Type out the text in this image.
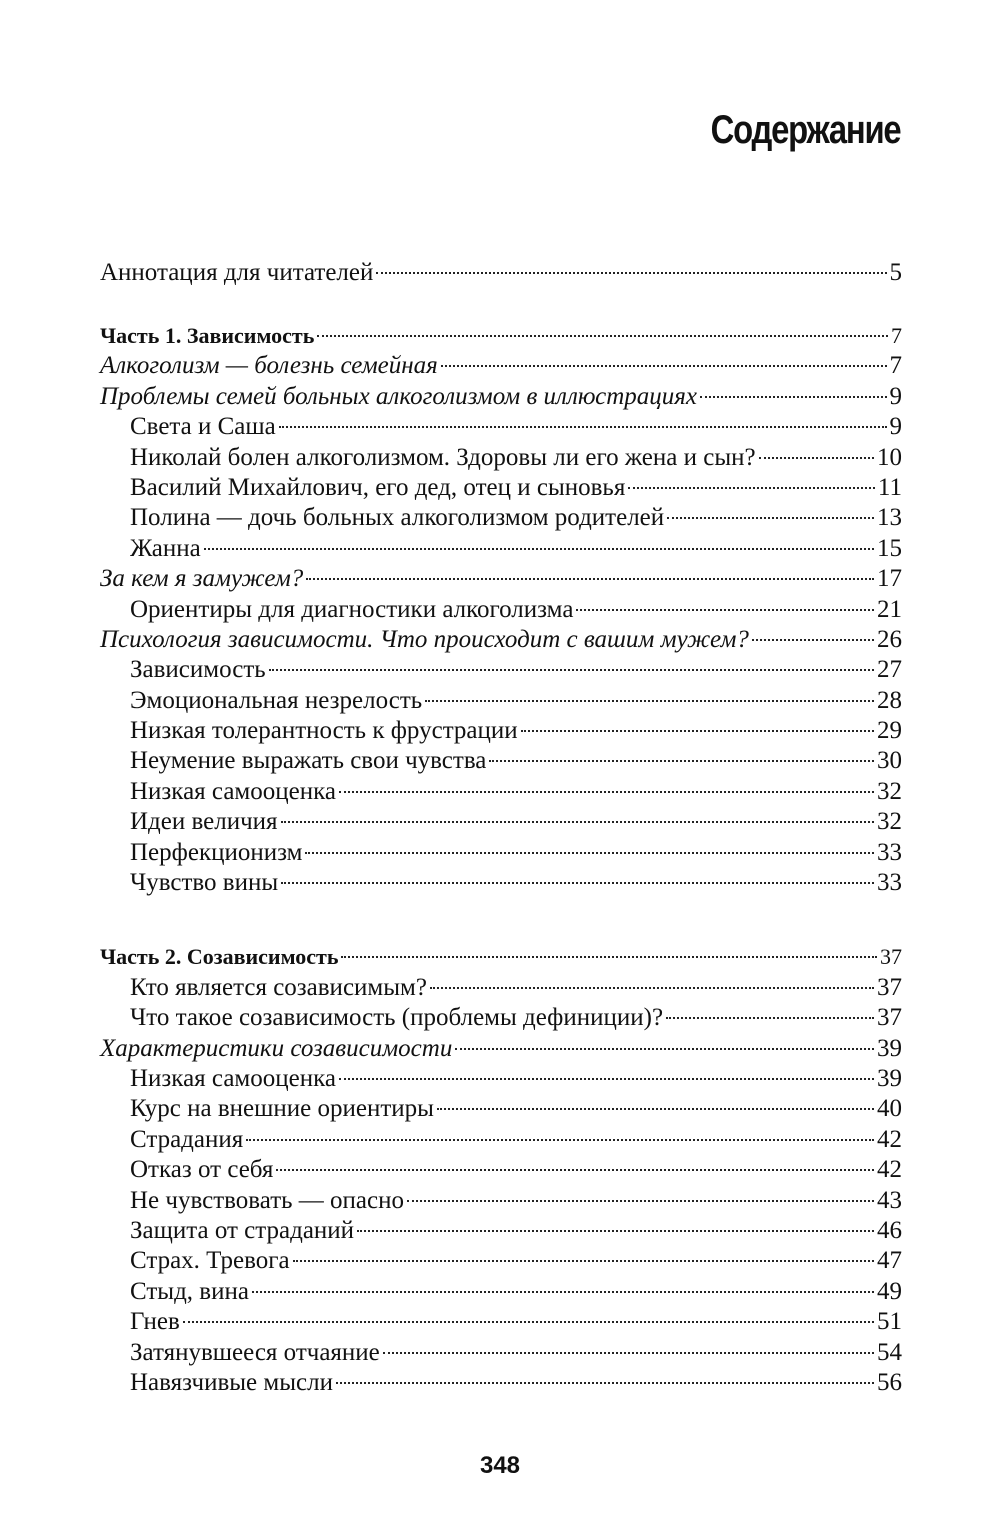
Содержание
Аннотация для читателей	5
Часть 1. Зависимость	7
Алкоголизм — болезнь семейная	7
Проблемы семей больных алкоголизмом в иллюстрациях	9
Света и Саша	9
Николай болен алкоголизмом. Здоровы ли его жена и сын?	10
Василий Михайлович, его дед, отец и сыновья	11
Полина — дочь больных алкоголизмом родителей	13
Жанна	15
За кем я замужем?	17
Ориентиры для диагностики алкоголизма	21
Психология зависимости. Что происходит с вашим мужем?	26
Зависимость	27
Эмоциональная незрелость	28
Низкая толерантность к фрустрации	29
Неумение выражать свои чувства	30
Низкая самооценка	32
Идеи величия	32
Перфекционизм	33
Чувство вины	33
Часть 2. Созависимость	37
Кто является созависимым?	37
Что такое созависимость (проблемы дефиниции)?	37
Характеристики созависимости	39
Низкая самооценка	39
Курс на внешние ориентиры	40
Страдания	42
Отказ от себя	42
Не чувствовать — опасно	43
Защита от страданий	46
Страх. Тревога	47
Стыд, вина	49
Гнев	51
Затянувшееся отчаяние	54
Навязчивые мысли	56
348
